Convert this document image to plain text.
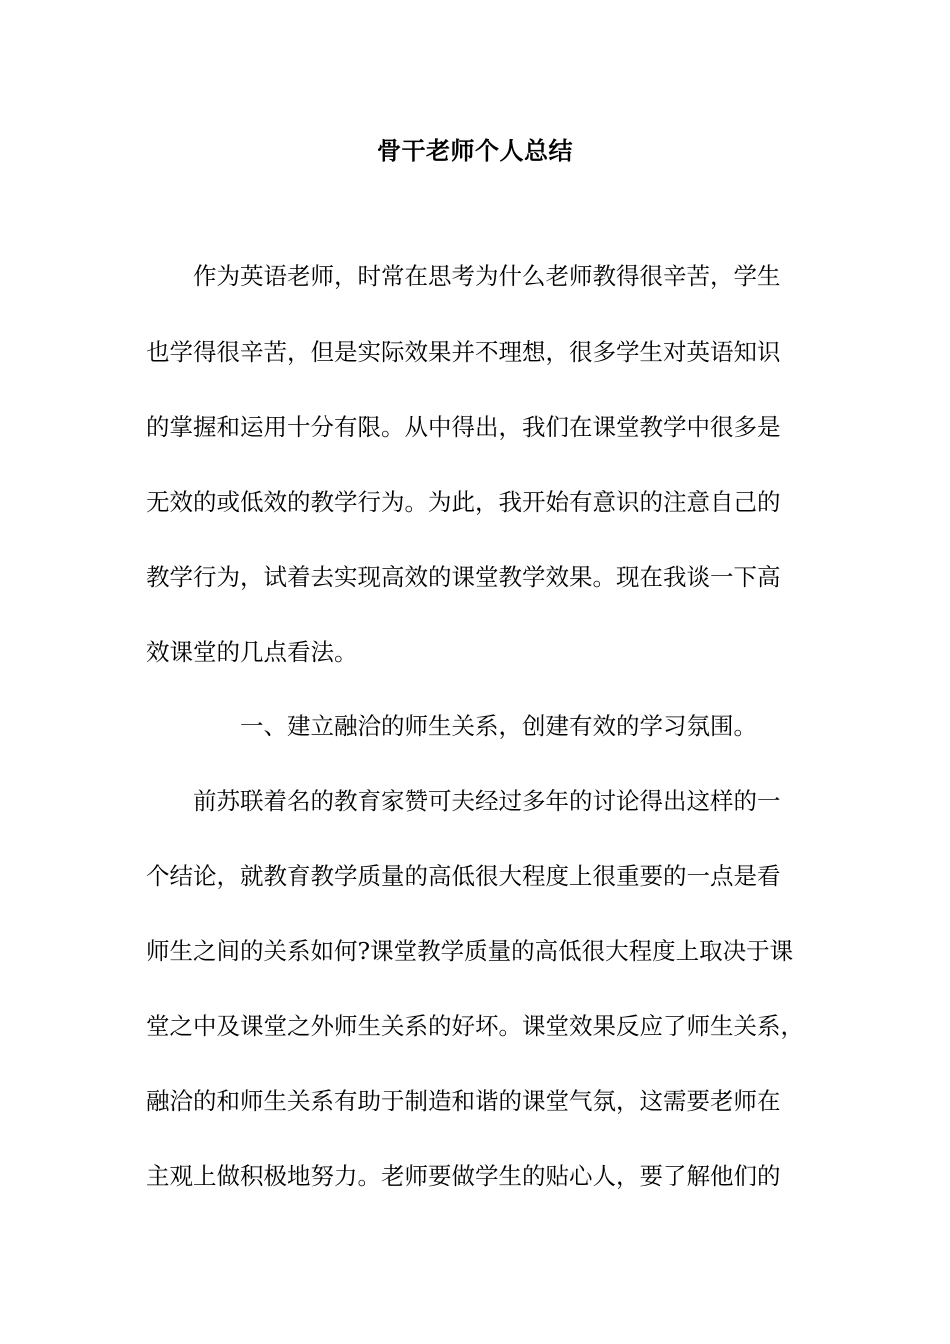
骨干老师个人总结

作为英语老师，时常在思考为什么老师教得很辛苦，学生

也学得很辛苦，但是实际效果并不理想，很多学生对英语知识

的掌握和运用十分有限。从中得出，我们在课堂教学中很多是

无效的或低效的教学行为。为此，我开始有意识的注意自己的

教学行为，试着去实现高效的课堂教学效果。现在我谈一下高

效课堂的几点看法。

一、建立融洽的师生关系，创建有效的学习氛围。

前苏联着名的教育家赞可夫经过多年的讨论得出这样的一

个结论，就教育教学质量的高低很大程度上很重要的一点是看

师生之间的关系如何?课堂教学质量的高低很大程度上取决于课

堂之中及课堂之外师生关系的好坏。课堂效果反应了师生关系，

融洽的和师生关系有助于制造和谐的课堂气氛，这需要老师在

主观上做积极地努力。老师要做学生的贴心人，要了解他们的
